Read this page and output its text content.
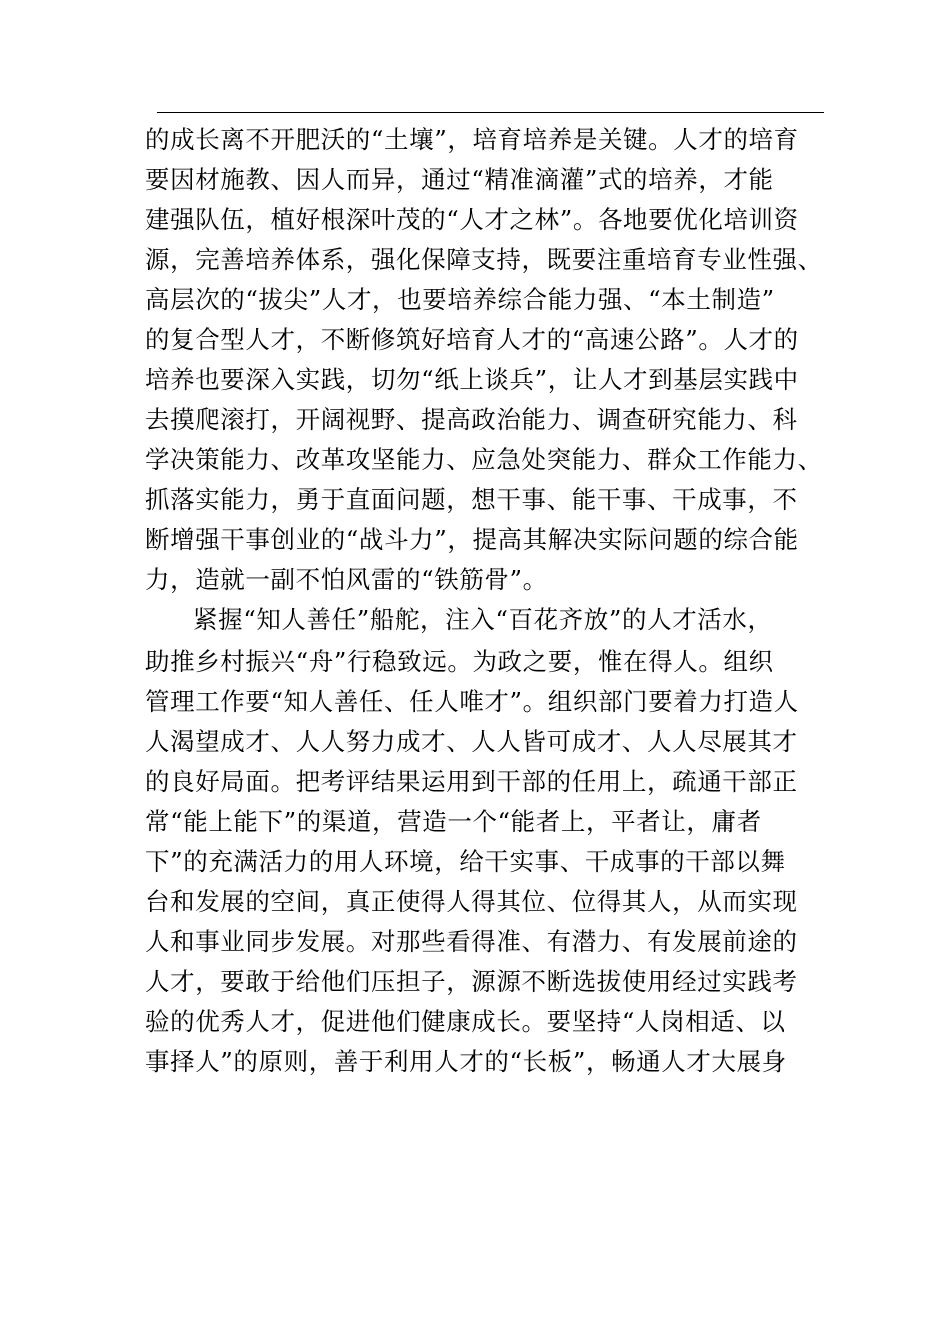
的成长离不开肥沃的“土壤”，培育培养是关键。人才的培育
要因材施教、因人而异，通过“精准滴灌”式的培养，才能
建强队伍，植好根深叶茂的“人才之林”。各地要优化培训资
源，完善培养体系，强化保障支持，既要注重培育专业性强、
高层次的“拔尖”人才，也要培养综合能力强、“本土制造”
的复合型人才，不断修筑好培育人才的“高速公路”。人才的
培养也要深入实践，切勿“纸上谈兵”，让人才到基层实践中
去摸爬滚打，开阔视野、提高政治能力、调查研究能力、科
学决策能力、改革攻坚能力、应急处突能力、群众工作能力、
抓落实能力，勇于直面问题，想干事、能干事、干成事，不
断增强干事创业的“战斗力”，提高其解决实际问题的综合能
力，造就一副不怕风雷的“铁筋骨”。
紧握“知人善任”船舵，注入“百花齐放”的人才活水，
助推乡村振兴“舟”行稳致远。为政之要，惟在得人。组织
管理工作要“知人善任、任人唯才”。组织部门要着力打造人
人渴望成才、人人努力成才、人人皆可成才、人人尽展其才
的良好局面。把考评结果运用到干部的任用上，疏通干部正
常“能上能下”的渠道，营造一个“能者上，平者让，庸者
下”的充满活力的用人环境，给干实事、干成事的干部以舞
台和发展的空间，真正使得人得其位、位得其人，从而实现
人和事业同步发展。对那些看得准、有潜力、有发展前途的
人才，要敢于给他们压担子，源源不断选拔使用经过实践考
验的优秀人才，促进他们健康成长。要坚持“人岗相适、以
事择人”的原则，善于利用人才的“长板”，畅通人才大展身
